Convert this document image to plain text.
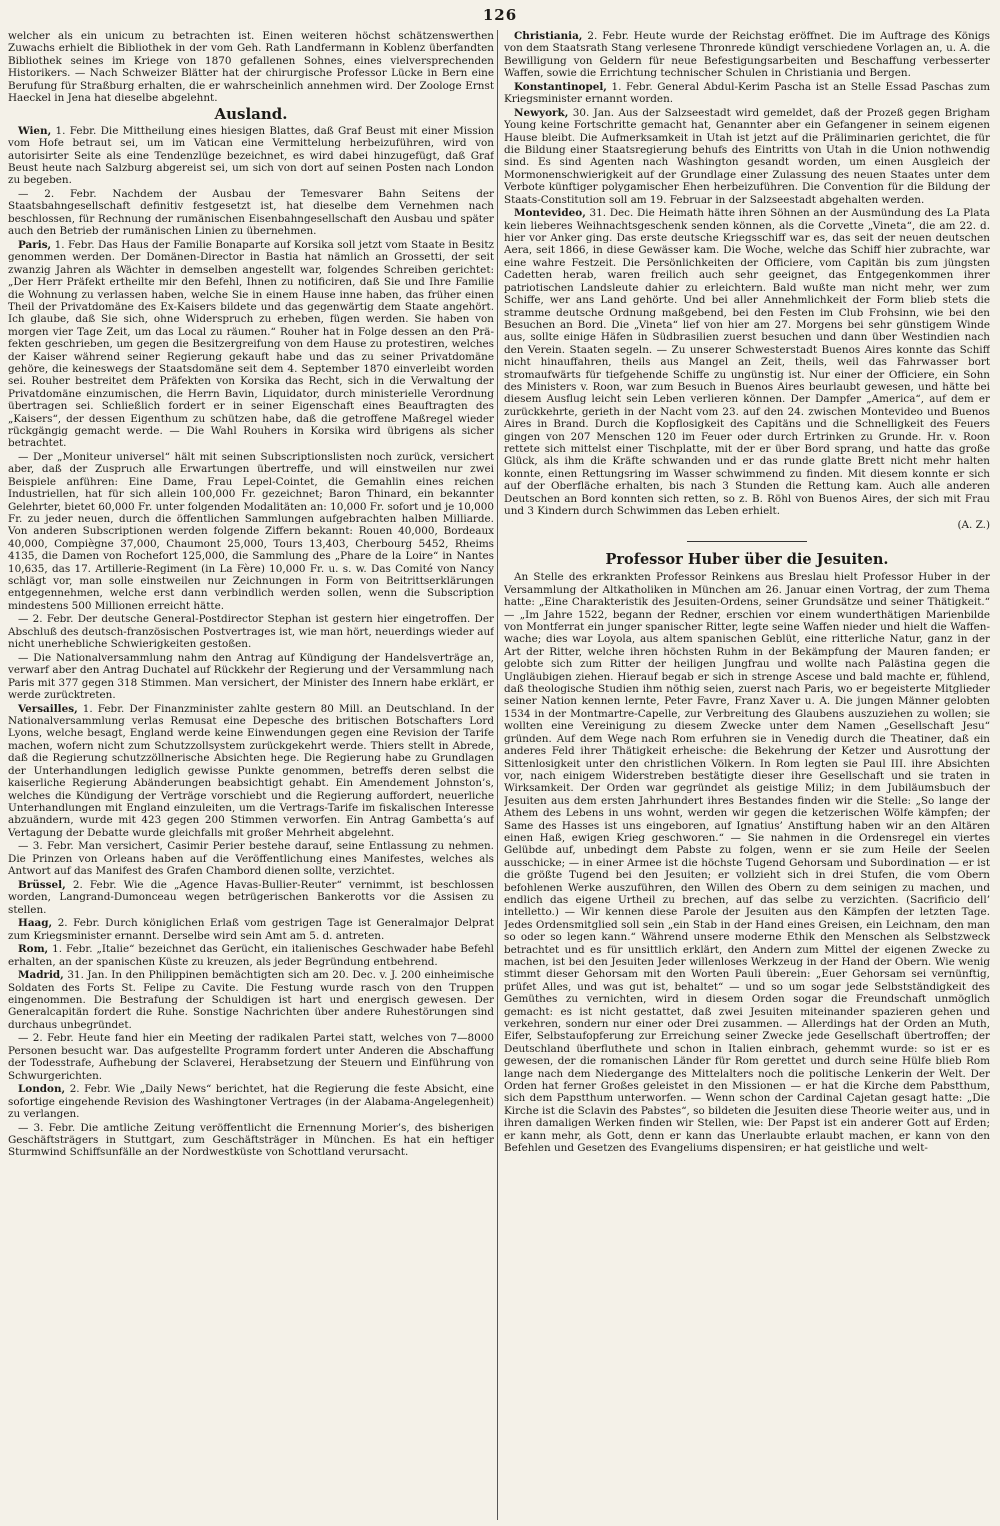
126

welcher als ein unicum zu betrachten ist. Einen weiteren höchst schätzenswerthen Zuwachs erhielt die Bibliothek in der vom Geh. Rath Landfermann in Koblenz überfandten Bibliothek seines im Kriege von 1870 gefallenen Sohnes, eines vielversprechenden Historikers. — Nach Schweizer Blätter hat der chirurgische Professor Lücke in Bern eine Berufung für Straßburg erhalten, die er wahrscheinlich annehmen wird. Der Zoologe Ernst Haeckel in Jena hat dieselbe abgelehnt.

Ausland.

Wien, 1. Febr. Die Mittheilung eines hiesigen Blattes, daß Graf Beust mit einer Mission vom Hofe betraut sei, um im Vatican eine Vermittelung herbeizuführen, wird von autorisirter Seite als eine Tendenzlüge bezeichnet, es wird dabei hinzugefügt, daß Graf Beust heute nach Salzburg abgereist sei, um sich von dort auf seinen Posten nach London zu begeben.

— 2. Febr. Nachdem der Ausbau der Temesvarer Bahn Seitens der Staatsbahngesellschaft definitiv festgesetzt ist, hat dieselbe dem Vernehmen nach beschlossen, für Rechnung der rumänischen Eisenbahngesellschaft den Ausbau und später auch den Betrieb der rumänischen Linien zu übernehmen.

Paris, 1. Febr. Das Haus der Familie Bonaparte auf Korsika soll jetzt vom Staate in Besitz genommen werden. Der Domänen-Director in Bastia hat nämlich an Grossetti, der seit zwanzig Jahren als Wächter in demselben angestellt war, folgendes Schreiben gerichtet: „Der Herr Präfekt ertheilte mir den Befehl, Ihnen zu notificiren, daß Sie und Ihre Familie die Wohnung zu verlassen haben, welche Sie in einem Hause inne haben, das früher einen Theil der Privatdomäne des Ex-Kaisers bildete und das gegenwärtig dem Staate angehört. Ich glaube, daß Sie sich, ohne Widerspruch zu erheben, fügen werden. Sie haben von morgen vier Tage Zeit, um das Local zu räumen.“ Rouher hat in Folge dessen an den Präfekten geschrieben, um gegen die Besitzergreifung von dem Hause zu protestiren, welches der Kaiser während seiner Regierung gekauft habe und das zu seiner Privatdomäne gehöre, die keineswegs der Staatsdomäne seit dem 4. September 1870 einverleibt worden sei. Rouher bestreitet dem Präfekten von Korsika das Recht, sich in die Verwaltung der Privatdomäne einzumischen, die Herrn Bavin, Liquidator, durch ministerielle Verordnung übertragen sei. Schließlich fordert er in seiner Eigenschaft eines Beauftragten des „Kaisers“, der dessen Eigenthum zu schützen habe, daß die getroffene Maßregel wieder rückgängig gemacht werde. — Die Wahl Rouhers in Korsika wird übrigens als sicher betrachtet.

— Der „Moniteur universel“ hält mit seinen Subscriptionslisten noch zurück, versichert aber, daß der Zuspruch alle Erwartungen übertreffe, und will einstweilen nur zwei Beispiele anführen: Eine Dame, Frau Lepel-Cointet, die Gemahlin eines reichen Industriellen, hat für sich allein 100,000 Fr. gezeichnet; Baron Thinard, ein bekannter Gelehrter, bietet 60,000 Fr. unter folgenden Modalitäten an: 10,000 Fr. sofort und je 10,000 Fr. zu jeder neuen, durch die öffentlichen Sammlungen aufgebrachten halben Milliarde. Von anderen Subscriptionen werden folgende Ziffern bekannt: Rouen 40,000, Bordeaux 40,000, Compiègne 37,000, Chaumont 25,000, Tours 13,403, Cherbourg 5452, Rheims 4135, die Damen von Rochefort 125,000, die Sammlung des „Phare de la Loire“ in Nantes 10,635, das 17. Artillerie-Regiment (in La Fère) 10,000 Fr. u. s. w. Das Comité von Nancy schlägt vor, man solle einstweilen nur Zeichnungen in Form von Beitrittserklärungen entgegennehmen, welche erst dann verbindlich werden sollen, wenn die Subscription mindestens 500 Millionen erreicht hätte.

— 2. Febr. Der deutsche General-Postdirector Stephan ist gestern hier eingetroffen. Der Abschluß des deutsch-französischen Postvertrages ist, wie man hört, neuerdings wieder auf nicht unerhebliche Schwierigkeiten gestoßen.

— Die Nationalversammlung nahm den Antrag auf Kündigung der Handelsverträge an, verwarf aber den Antrag Duchatel auf Rückkehr der Regierung und der Versammlung nach Paris mit 377 gegen 318 Stimmen. Man versichert, der Minister des Innern habe erklärt, er werde zurücktreten.

Versailles, 1. Febr. Der Finanzminister zahlte gestern 80 Mill. an Deutschland. In der Nationalversammlung verlas Remusat eine Depesche des britischen Botschafters Lord Lyons, welche besagt, England werde keine Einwendungen gegen eine Revision der Tarife machen, wofern nicht zum Schutzzollsystem zurückgekehrt werde. Thiers stellt in Abrede, daß die Regierung schutzzöllnerische Absichten hege. Die Regierung habe zu Grundlagen der Unterhandlungen lediglich gewisse Punkte genommen, betreffs deren selbst die kaiserliche Regierung Abänderungen beabsichtigt gehabt. Ein Amendement Johnston’s, welches die Kündigung der Verträge vorschiebt und die Regierung auffordert, neuerliche Unterhandlungen mit England einzuleiten, um die Vertrags-Tarife im fiskalischen Interesse abzuändern, wurde mit 423 gegen 200 Stimmen verworfen. Ein Antrag Gambetta’s auf Vertagung der Debatte wurde gleichfalls mit großer Mehrheit abgelehnt.

— 3. Febr. Man versichert, Casimir Perier bestehe darauf, seine Entlassung zu nehmen. Die Prinzen von Orleans haben auf die Veröffentlichung eines Manifestes, welches als Antwort auf das Manifest des Grafen Chambord dienen sollte, verzichtet.

Brüssel, 2. Febr. Wie die „Agence Havas-Bullier-Reuter“ vernimmt, ist beschlossen worden, Langrand-Dumonceau wegen betrügerischen Bankerotts vor die Assisen zu stellen.

Haag, 2. Febr. Durch königlichen Erlaß vom gestrigen Tage ist Generalmajor Delprat zum Kriegsminister ernannt. Derselbe wird sein Amt am 5. d. antreten.

Rom, 1. Febr. „Italie“ bezeichnet das Gerücht, ein italienisches Geschwader habe Befehl erhalten, an der spanischen Küste zu kreuzen, als jeder Begründung entbehrend.

Madrid, 31. Jan. In den Philippinen bemächtigten sich am 20. Dec. v. J. 200 einheimische Soldaten des Forts St. Felipe zu Cavite. Die Festung wurde rasch von den Truppen eingenommen. Die Bestrafung der Schuldigen ist hart und energisch gewesen. Der Generalcapitän fordert die Ruhe. Sonstige Nachrichten über andere Ruhestörungen sind durchaus unbegründet.

— 2. Febr. Heute fand hier ein Meeting der radikalen Partei statt, welches von 7—8000 Personen besucht war. Das aufgestellte Programm fordert unter Anderen die Abschaffung der Todesstrafe, Aufhebung der Sclaverei, Herabsetzung der Steuern und Einführung von Schwurgerichten.

London, 2. Febr. Wie „Daily News“ berichtet, hat die Regierung die feste Absicht, eine sofortige eingehende Revision des Washingtoner Vertrages (in der Alabama-Angelegenheit) zu verlangen.

— 3. Febr. Die amtliche Zeitung veröffentlicht die Ernennung Morier’s, des bisherigen Geschäftsträgers in Stuttgart, zum Geschäftsträger in München. Es hat ein heftiger Sturmwind Schiffsunfälle an der Nordwestküste von Schottland verursacht.

Christiania, 2. Febr. Heute wurde der Reichstag eröffnet. Die im Auftrage des Königs von dem Staatsrath Stang verlesene Thronrede kündigt verschiedene Vorlagen an, u. A. die Bewilligung von Geldern für neue Befestigungsarbeiten und Beschaffung verbesserter Waffen, sowie die Errichtung technischer Schulen in Christiania und Bergen.

Konstantinopel, 1. Febr. General Abdul-Kerim Pascha ist an Stelle Essad Paschas zum Kriegsminister ernannt worden.

Newyork, 30. Jan. Aus der Salzseestadt wird gemeldet, daß der Prozeß gegen Brigham Young keine Fortschritte gemacht hat, Genannter aber ein Gefangener in seinem eigenen Hause bleibt. Die Aufmerksamkeit in Utah ist jetzt auf die Präliminarien gerichtet, die für die Bildung einer Staatsregierung behufs des Eintritts von Utah in die Union nothwendig sind. Es sind Agenten nach Washington gesandt worden, um einen Ausgleich der Mormonenschwierigkeit auf der Grundlage einer Zulassung des neuen Staates unter dem Verbote künftiger polygamischer Ehen herbeizuführen. Die Convention für die Bildung der Staats-Constitution soll am 19. Februar in der Salzseestadt abgehalten werden.

Montevideo, 31. Dec. Die Heimath hätte ihren Söhnen an der Ausmündung des La Plata kein lieberes Weihnachtsgeschenk senden können, als die Corvette „Vineta“, die am 22. d. hier vor Anker ging. Das erste deutsche Kriegsschiff war es, das seit der neuen deutschen Aera, seit 1866, in diese Gewässer kam. Die Woche, welche das Schiff hier zubrachte, war eine wahre Festzeit. Die Persönlichkeiten der Officiere, vom Capitän bis zum jüngsten Cadetten herab, waren freilich auch sehr geeignet, das Entgegenkommen ihrer patriotischen Landsleute dahier zu erleichtern. Bald wußte man nicht mehr, wer zum Schiffe, wer ans Land gehörte. Und bei aller Annehmlichkeit der Form blieb stets die stramme deutsche Ordnung maßgebend, bei den Festen im Club Frohsinn, wie bei den Besuchen an Bord. Die „Vineta“ lief von hier am 27. Morgens bei sehr günstigem Winde aus, sollte einige Häfen in Südbrasilien zuerst besuchen und dann über Westindien nach den Verein. Staaten segeln. — Zu unserer Schwesterstadt Buenos Aires konnte das Schiff nicht hinauffahren, theils aus Mangel an Zeit, theils, weil das Fahrwasser bort stromaufwärts für tiefgehende Schiffe zu ungünstig ist. Nur einer der Officiere, ein Sohn des Ministers v. Roon, war zum Besuch in Buenos Aires beurlaubt gewesen, und hätte bei diesem Ausflug leicht sein Leben verlieren können. Der Dampfer „America“, auf dem er zurückkehrte, gerieth in der Nacht vom 23. auf den 24. zwischen Montevideo und Buenos Aires in Brand. Durch die Kopflosigkeit des Capitäns und die Schnelligkeit des Feuers gingen von 207 Menschen 120 im Feuer oder durch Ertrinken zu Grunde. Hr. v. Roon rettete sich mittelst einer Tischplatte, mit der er über Bord sprang, und hatte das große Glück, als ihm die Kräfte schwanden und er das runde glatte Brett nicht mehr halten konnte, einen Rettungsring im Wasser schwimmend zu finden. Mit diesem konnte er sich auf der Oberfläche erhalten, bis nach 3 Stunden die Rettung kam. Auch alle anderen Deutschen an Bord konnten sich retten, so z. B. Röhl von Buenos Aires, der sich mit Frau und 3 Kindern durch Schwimmen das Leben erhielt.

(A. Z.)
Professor Huber über die Jesuiten.

An Stelle des erkrankten Professor Reinkens aus Breslau hielt Professor Huber in der Versammlung der Altkatholiken in München am 26. Januar einen Vortrag, der zum Thema hatte: „Eine Charakteristik des Jesuiten-Ordens, seiner Grundsätze und seiner Thätigkeit.“ — „Im Jahre 1522, begann der Redner, erschien vor einem wunderthätigen Marienbilde von Montferrat ein junger spanischer Ritter, legte seine Waffen nieder und hielt die Waffenwache; dies war Loyola, aus altem spanischen Geblüt, eine ritterliche Natur, ganz in der Art der Ritter, welche ihren höchsten Ruhm in der Bekämpfung der Mauren fanden; er gelobte sich zum Ritter der heiligen Jungfrau und wollte nach Palästina gegen die Ungläubigen ziehen. Hierauf begab er sich in strenge Ascese und bald machte er, fühlend, daß theologische Studien ihm nöthig seien, zuerst nach Paris, wo er begeisterte Mitglieder seiner Nation kennen lernte, Peter Favre, Franz Xaver u. A. Die jungen Männer gelobten 1534 in der Montmartre-Capelle, zur Verbreitung des Glaubens auszuziehen zu wollen; sie wollten eine Vereinigung zu diesem Zwecke unter dem Namen „Gesellschaft Jesu“ gründen. Auf dem Wege nach Rom erfuhren sie in Venedig durch die Theatiner, daß ein anderes Feld ihrer Thätigkeit erheische: die Bekehrung der Ketzer und Ausrottung der Sittenlosigkeit unter den christlichen Völkern. In Rom legten sie Paul III. ihre Absichten vor, nach einigem Widerstreben bestätigte dieser ihre Gesellschaft und sie traten in Wirksamkeit. Der Orden war gegründet als geistige Miliz; in dem Jubiläumsbuch der Jesuiten aus dem ersten Jahrhundert ihres Bestandes finden wir die Stelle: „So lange der Athem des Lebens in uns wohnt, werden wir gegen die ketzerischen Wölfe kämpfen; der Same des Hasses ist uns eingeboren, auf Ignatius’ Anstiftung haben wir an den Altären einen Haß, ewigen Krieg geschworen.“ — Sie nahmen in die Ordensregel ein viertes Gelübde auf, unbedingt dem Pabste zu folgen, wenn er sie zum Heile der Seelen ausschicke; — in einer Armee ist die höchste Tugend Gehorsam und Subordination — er ist die größte Tugend bei den Jesuiten; er vollzieht sich in drei Stufen, die vom Obern befohlenen Werke auszuführen, den Willen des Obern zu dem seinigen zu machen, und endlich das eigene Urtheil zu brechen, auf das selbe zu verzichten. (Sacrificio dell’ intelletto.) — Wir kennen diese Parole der Jesuiten aus den Kämpfen der letzten Tage. Jedes Ordensmitglied soll sein „ein Stab in der Hand eines Greisen, ein Leichnam, den man so oder so legen kann.“ Während unsere moderne Ethik den Menschen als Selbstzweck betrachtet und es für unsittlich erklärt, den Andern zum Mittel der eigenen Zwecke zu machen, ist bei den Jesuiten Jeder willenloses Werkzeug in der Hand der Obern. Wie wenig stimmt dieser Gehorsam mit den Worten Pauli überein: „Euer Gehorsam sei vernünftig, prüfet Alles, und was gut ist, behaltet“ — und so um sogar jede Selbstständigkeit des Gemüthes zu vernichten, wird in diesem Orden sogar die Freundschaft unmöglich gemacht: es ist nicht gestattet, daß zwei Jesuiten miteinander spazieren gehen und verkehren, sondern nur einer oder Drei zusammen. — Allerdings hat der Orden an Muth, Eifer, Selbstaufopferung zur Erreichung seiner Zwecke jede Gesellschaft übertroffen; der Deutschland überfluthete und schon in Italien einbrach, gehemmt wurde: so ist er es gewesen, der die romanischen Länder für Rom gerettet und durch seine Hülfe blieb Rom lange nach dem Niedergange des Mittelalters noch die politische Lenkerin der Welt. Der Orden hat ferner Großes geleistet in den Missionen — er hat die Kirche dem Pabstthum, sich dem Papstthum unterworfen. — Wenn schon der Cardinal Cajetan gesagt hatte: „Die Kirche ist die Sclavin des Pabstes“, so bildeten die Jesuiten diese Theorie weiter aus, und in ihren damaligen Werken finden wir Stellen, wie: Der Papst ist ein anderer Gott auf Erden; er kann mehr, als Gott, denn er kann das Unerlaubte erlaubt machen, er kann von den Befehlen und Gesetzen des Evangeliums dispensiren; er hat geistliche und welt-
